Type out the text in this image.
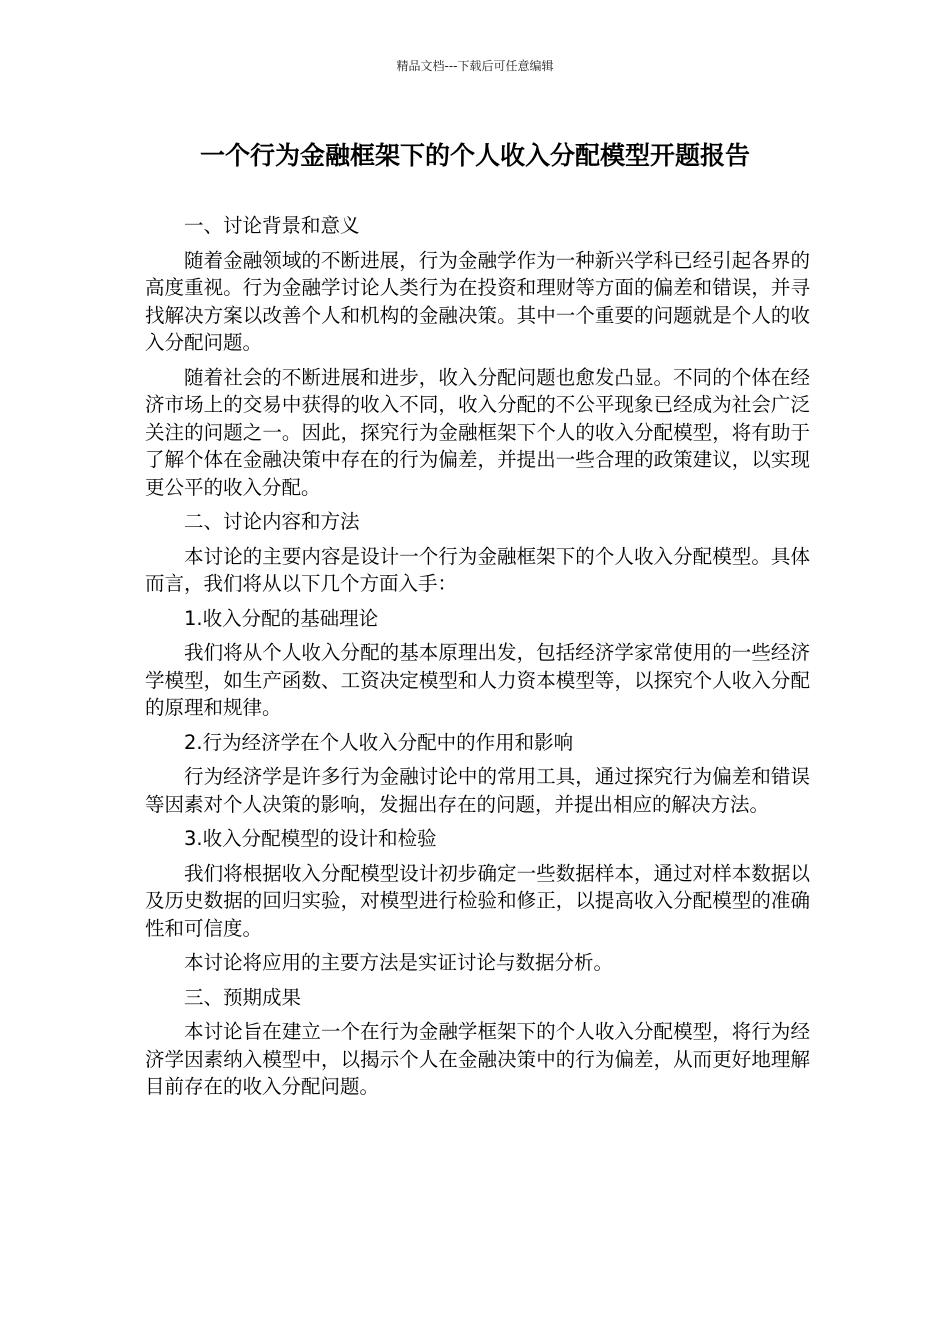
精品文档---下载后可任意编辑
一个行为金融框架下的个人收入分配模型开题报告

一、讨论背景和意义

随着金融领域的不断进展，行为金融学作为一种新兴学科已经引起各界的高度重视。行为金融学讨论人类行为在投资和理财等方面的偏差和错误，并寻找解决方案以改善个人和机构的金融决策。其中一个重要的问题就是个人的收入分配问题。

随着社会的不断进展和进步，收入分配问题也愈发凸显。不同的个体在经济市场上的交易中获得的收入不同，收入分配的不公平现象已经成为社会广泛关注的问题之一。因此，探究行为金融框架下个人的收入分配模型，将有助于了解个体在金融决策中存在的行为偏差，并提出一些合理的政策建议，以实现更公平的收入分配。

二、讨论内容和方法

本讨论的主要内容是设计一个行为金融框架下的个人收入分配模型。具体而言，我们将从以下几个方面入手：

1.收入分配的基础理论

我们将从个人收入分配的基本原理出发，包括经济学家常使用的一些经济学模型，如生产函数、工资决定模型和人力资本模型等，以探究个人收入分配的原理和规律。

2.行为经济学在个人收入分配中的作用和影响

行为经济学是许多行为金融讨论中的常用工具，通过探究行为偏差和错误等因素对个人决策的影响，发掘出存在的问题，并提出相应的解决方法。

3.收入分配模型的设计和检验

我们将根据收入分配模型设计初步确定一些数据样本，通过对样本数据以及历史数据的回归实验，对模型进行检验和修正，以提高收入分配模型的准确性和可信度。

本讨论将应用的主要方法是实证讨论与数据分析。

三、预期成果

本讨论旨在建立一个在行为金融学框架下的个人收入分配模型，将行为经济学因素纳入模型中，以揭示个人在金融决策中的行为偏差，从而更好地理解目前存在的收入分配问题。
